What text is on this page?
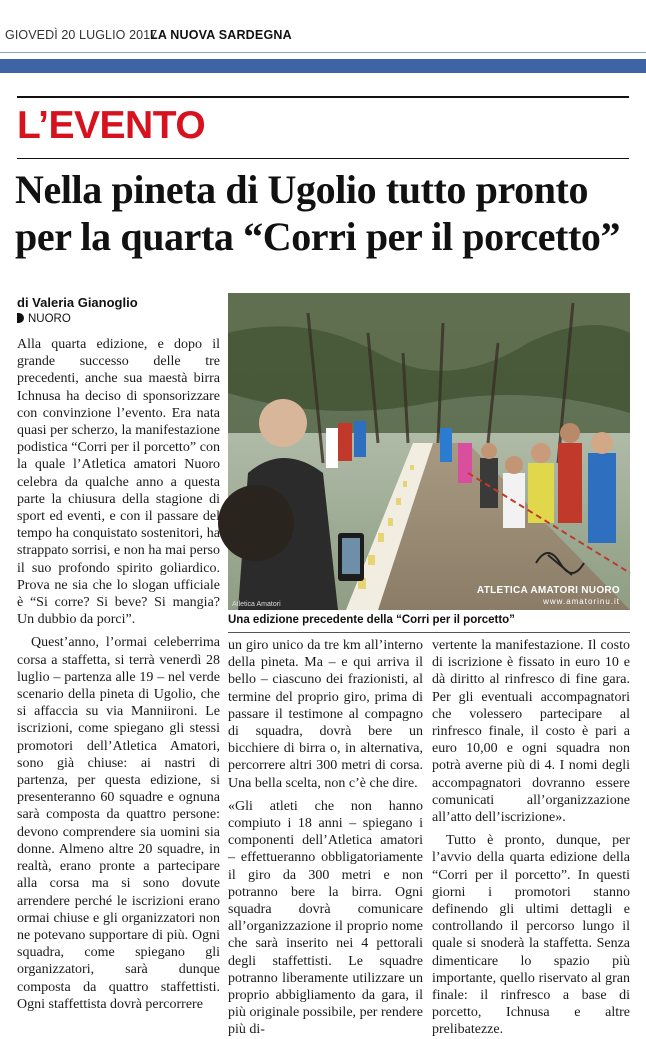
GIOVEDÌ 20 LUGLIO 2017
LA NUOVA SARDEGNA
L’EVENTO
Nella pineta di Ugolio tutto pronto
per la quarta “Corri per il porcetto”
di Valeria Gianoglio
NUORO
ATLETICA AMATORI NUORO
www.amatorinu.it
Atletica Amatori
Una edizione precedente della “Corri per il porcetto”

Alla quarta edizione, e dopo il grande successo delle tre precedenti, anche sua maestà birra Ichnusa ha deciso di sponsorizzare con convinzione l’evento. Era nata quasi per scherzo, la manifestazione podistica “Corri per il porcetto” con la quale l’Atletica amatori Nuoro celebra da qualche anno a questa parte la chiusura della stagione di sport ed eventi, e con il passare del tempo ha conquistato sostenitori, ha strappato sorrisi, e non ha mai perso il suo profondo spirito goliardico. Prova ne sia che lo slogan ufficiale è “Si corre? Si beve? Si mangia? Un dubbio da porci”.

Quest’anno, l’ormai celeberrima corsa a staffetta, si terrà venerdì 28 luglio – partenza alle 19 – nel verde scenario della pineta di Ugolio, che si affaccia su via Manniironi. Le iscrizioni, come spiegano gli stessi promotori dell’Atletica Amatori, sono già chiuse: ai nastri di partenza, per questa edizione, si presenteranno 60 squadre e ognuna sarà composta da quattro persone: devono comprendere sia uomini sia donne. Almeno altre 20 squadre, in realtà, erano pronte a partecipare alla corsa ma si sono dovute arrendere perché le iscrizioni erano ormai chiuse e gli organizzatori non ne potevano supportare di più. Ogni squadra, come spiegano gli organizzatori, sarà dunque composta da quattro staffettisti. Ogni staffettista dovrà percorrere

un giro unico da tre km all’interno della pineta. Ma – e qui arriva il bello – ciascuno dei frazionisti, al termine del proprio giro, prima di passare il testimone al compagno di squadra, dovrà bere un bicchiere di birra o, in alternativa, percorrere altri 300 metri di corsa. Una bella scelta, non c’è che dire.

«Gli atleti che non hanno compiuto i 18 anni – spiegano i componenti dell’Atletica amatori – effettueranno obbligatoriamente il giro da 300 metri e non potranno bere la birra. Ogni squadra dovrà comunicare all’organizzazione il proprio nome che sarà inserito nei 4 pettorali degli staffettisti. Le squadre potranno liberamente utilizzare un proprio abbigliamento da gara, il più originale possibile, per rendere più di-

vertente la manifestazione. Il costo di iscrizione è fissato in euro 10 e dà diritto al rinfresco di fine gara. Per gli eventuali accompagnatori che volessero partecipare al rinfresco finale, il costo è pari a euro 10,00 e ogni squadra non potrà averne più di 4. I nomi degli accompagnatori dovranno essere comunicati all’organizzazione all’atto dell’iscrizione».

Tutto è pronto, dunque, per l’avvio della quarta edizione della “Corri per il porcetto”. In questi giorni i promotori stanno definendo gli ultimi dettagli e controllando il percorso lungo il quale si snoderà la staffetta. Senza dimenticare lo spazio più importante, quello riservato al gran finale: il rinfresco a base di porcetto, Ichnusa e altre prelibatezze.
